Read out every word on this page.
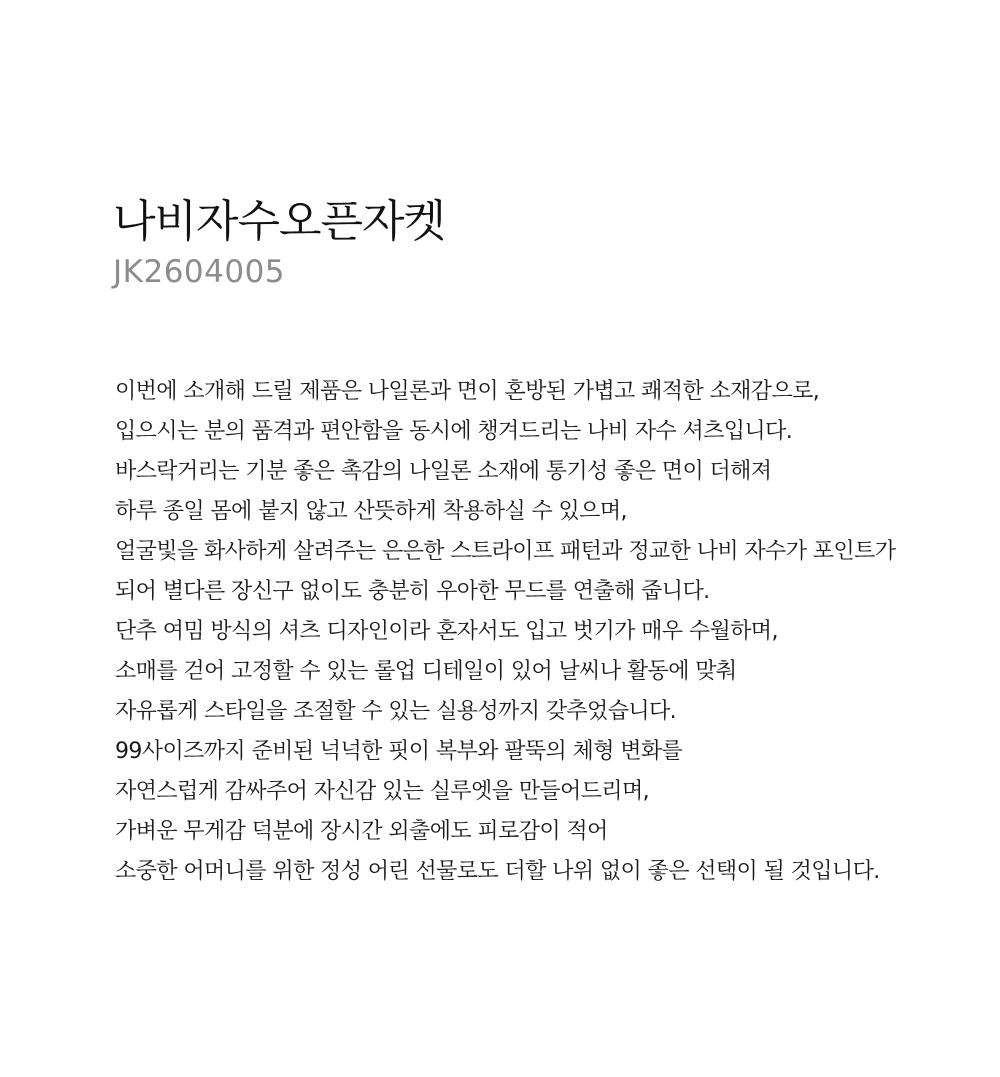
나비자수오픈자켓

JK2604005

이번에 소개해 드릴 제품은 나일론과 면이 혼방된 가볍고 쾌적한 소재감으로,

입으시는 분의 품격과 편안함을 동시에 챙겨드리는 나비 자수 셔츠입니다.

바스락거리는 기분 좋은 촉감의 나일론 소재에 통기성 좋은 면이 더해져

하루 종일 몸에 붙지 않고 산뜻하게 착용하실 수 있으며,

얼굴빛을 화사하게 살려주는 은은한 스트라이프 패턴과 정교한 나비 자수가 포인트가

되어 별다른 장신구 없이도 충분히 우아한 무드를 연출해 줍니다.

단추 여밈 방식의 셔츠 디자인이라 혼자서도 입고 벗기가 매우 수월하며,

소매를 걷어 고정할 수 있는 롤업 디테일이 있어 날씨나 활동에 맞춰

자유롭게 스타일을 조절할 수 있는 실용성까지 갖추었습니다.

99사이즈까지 준비된 넉넉한 핏이 복부와 팔뚝의 체형 변화를

자연스럽게 감싸주어 자신감 있는 실루엣을 만들어드리며,

가벼운 무게감 덕분에 장시간 외출에도 피로감이 적어

소중한 어머니를 위한 정성 어린 선물로도 더할 나위 없이 좋은 선택이 될 것입니다.
